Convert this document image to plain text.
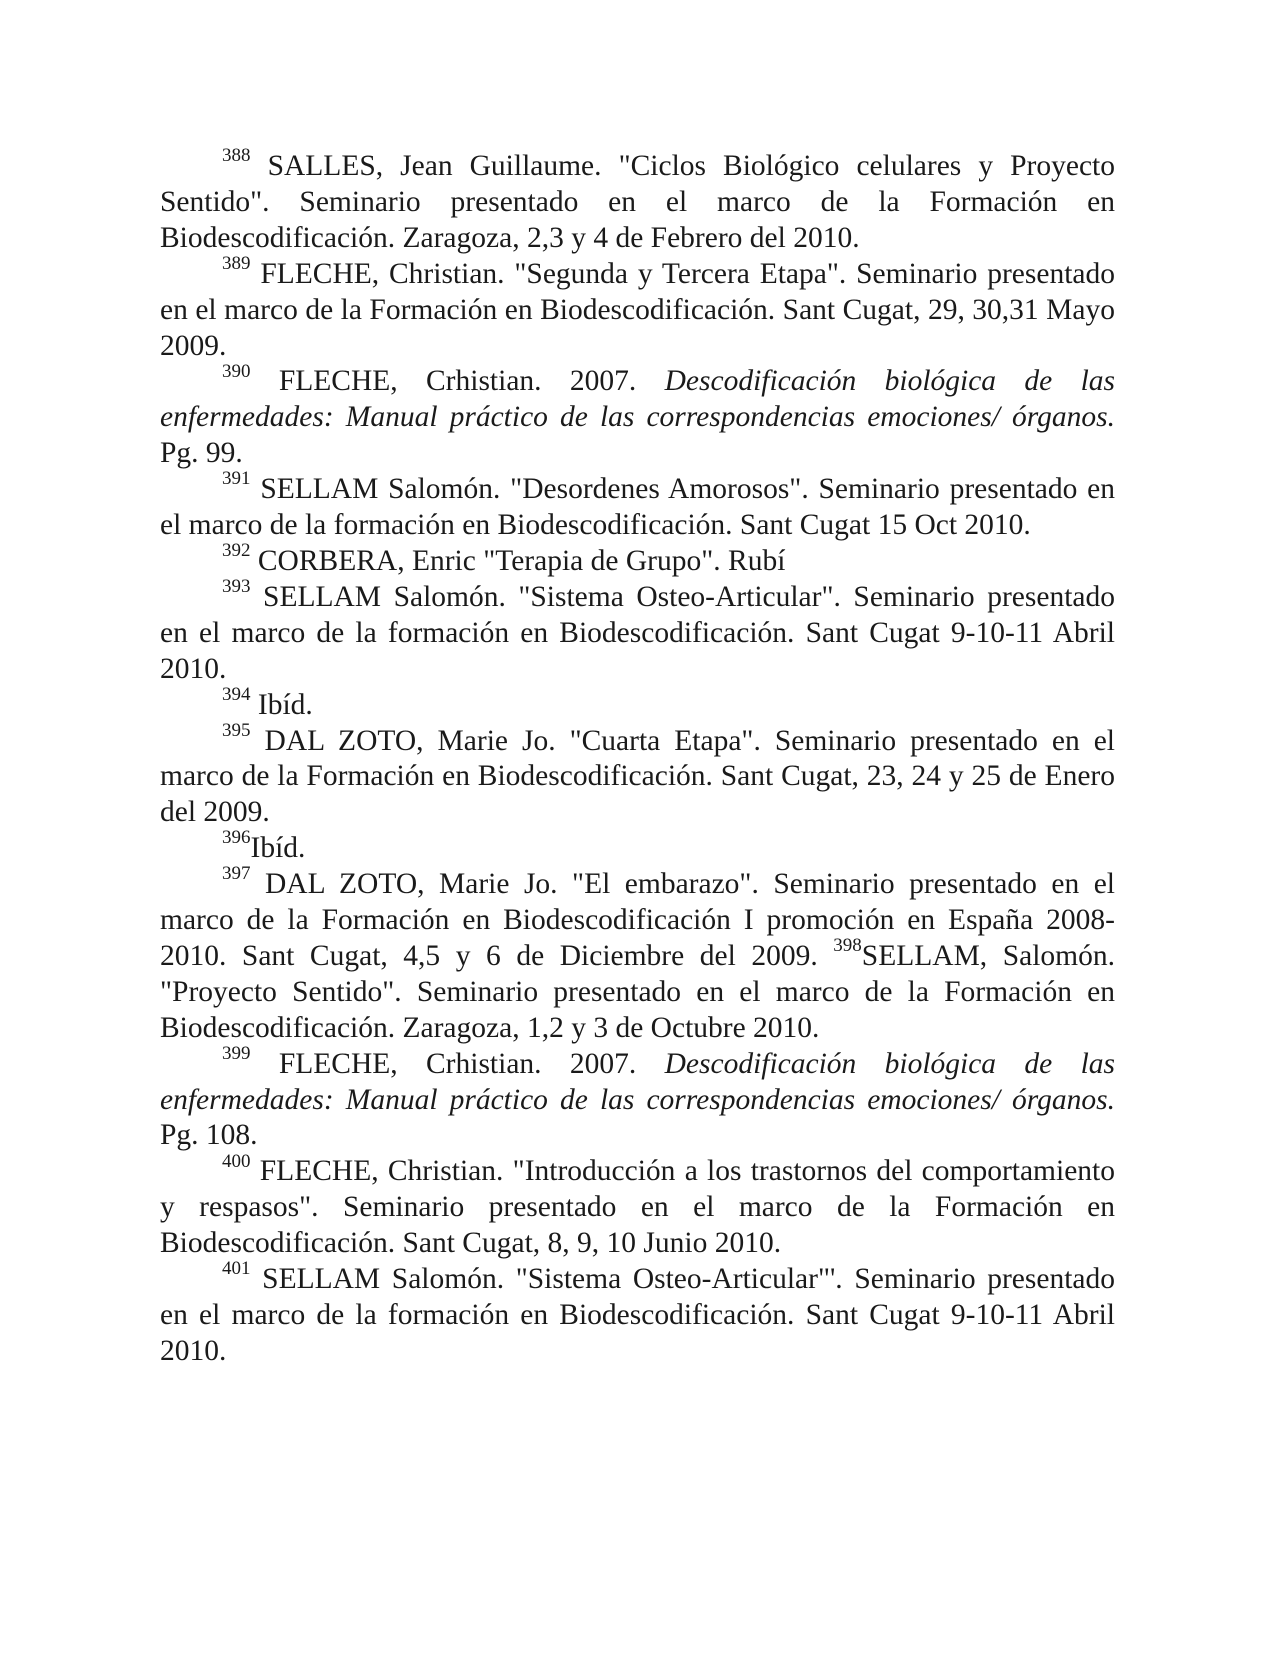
$^{388}$ SALLES, Jean Guillaume. "Ciclos Biológico celulares y Proyecto Sentido". Seminario presentado en el marco de la Formación en Biodescodificación. Zaragoza, 2,3 y 4 de Febrero del 2010.

$^{389}$ FLECHE, Christian. "Segunda y Tercera Etapa". Seminario presentado en el marco de la Formación en Biodescodificación. Sant Cugat, 29, 30,31 Mayo 2009.

$^{390}$ FLECHE, Crhistian. 2007. Descodificación biológica de las enfermedades: Manual práctico de las correspondencias emociones/ órganos. Pg. 99.

$^{391}$ SELLAM Salomón. "Desordenes Amorosos". Seminario presentado en el marco de la formación en Biodescodificación. Sant Cugat 15 Oct 2010.

$^{392}$ CORBERA, Enric "Terapia de Grupo". Rubí

$^{393}$ SELLAM Salomón. "Sistema Osteo-Articular". Seminario presentado en el marco de la formación en Biodescodificación. Sant Cugat 9-10-11 Abril 2010.

$^{394}$ Ibíd.

$^{395}$ DAL ZOTO, Marie Jo. "Cuarta Etapa". Seminario presentado en el marco de la Formación en Biodescodificación. Sant Cugat, 23, 24 y 25 de Enero del 2009.

$^{396}$Ibíd.

$^{397}$ DAL ZOTO, Marie Jo. "El embarazo". Seminario presentado en el marco de la Formación en Biodescodificación I promoción en España 2008-2010. Sant Cugat, 4,5 y 6 de Diciembre del 2009. $^{398}$SELLAM, Salomón. "Proyecto Sentido". Seminario presentado en el marco de la Formación en Biodescodificación. Zaragoza, 1,2 y 3 de Octubre 2010.

$^{399}$ FLECHE, Crhistian. 2007. Descodificación biológica de las enfermedades: Manual práctico de las correspondencias emociones/ órganos. Pg. 108.

$^{400}$ FLECHE, Christian. "Introducción a los trastornos del comportamiento y respasos". Seminario presentado en el marco de la Formación en Biodescodificación. Sant Cugat, 8, 9, 10 Junio 2010.

$^{401}$ SELLAM Salomón. "Sistema Osteo-Articular"'. Seminario presentado en el marco de la formación en Biodescodificación. Sant Cugat 9-10-11 Abril 2010.
